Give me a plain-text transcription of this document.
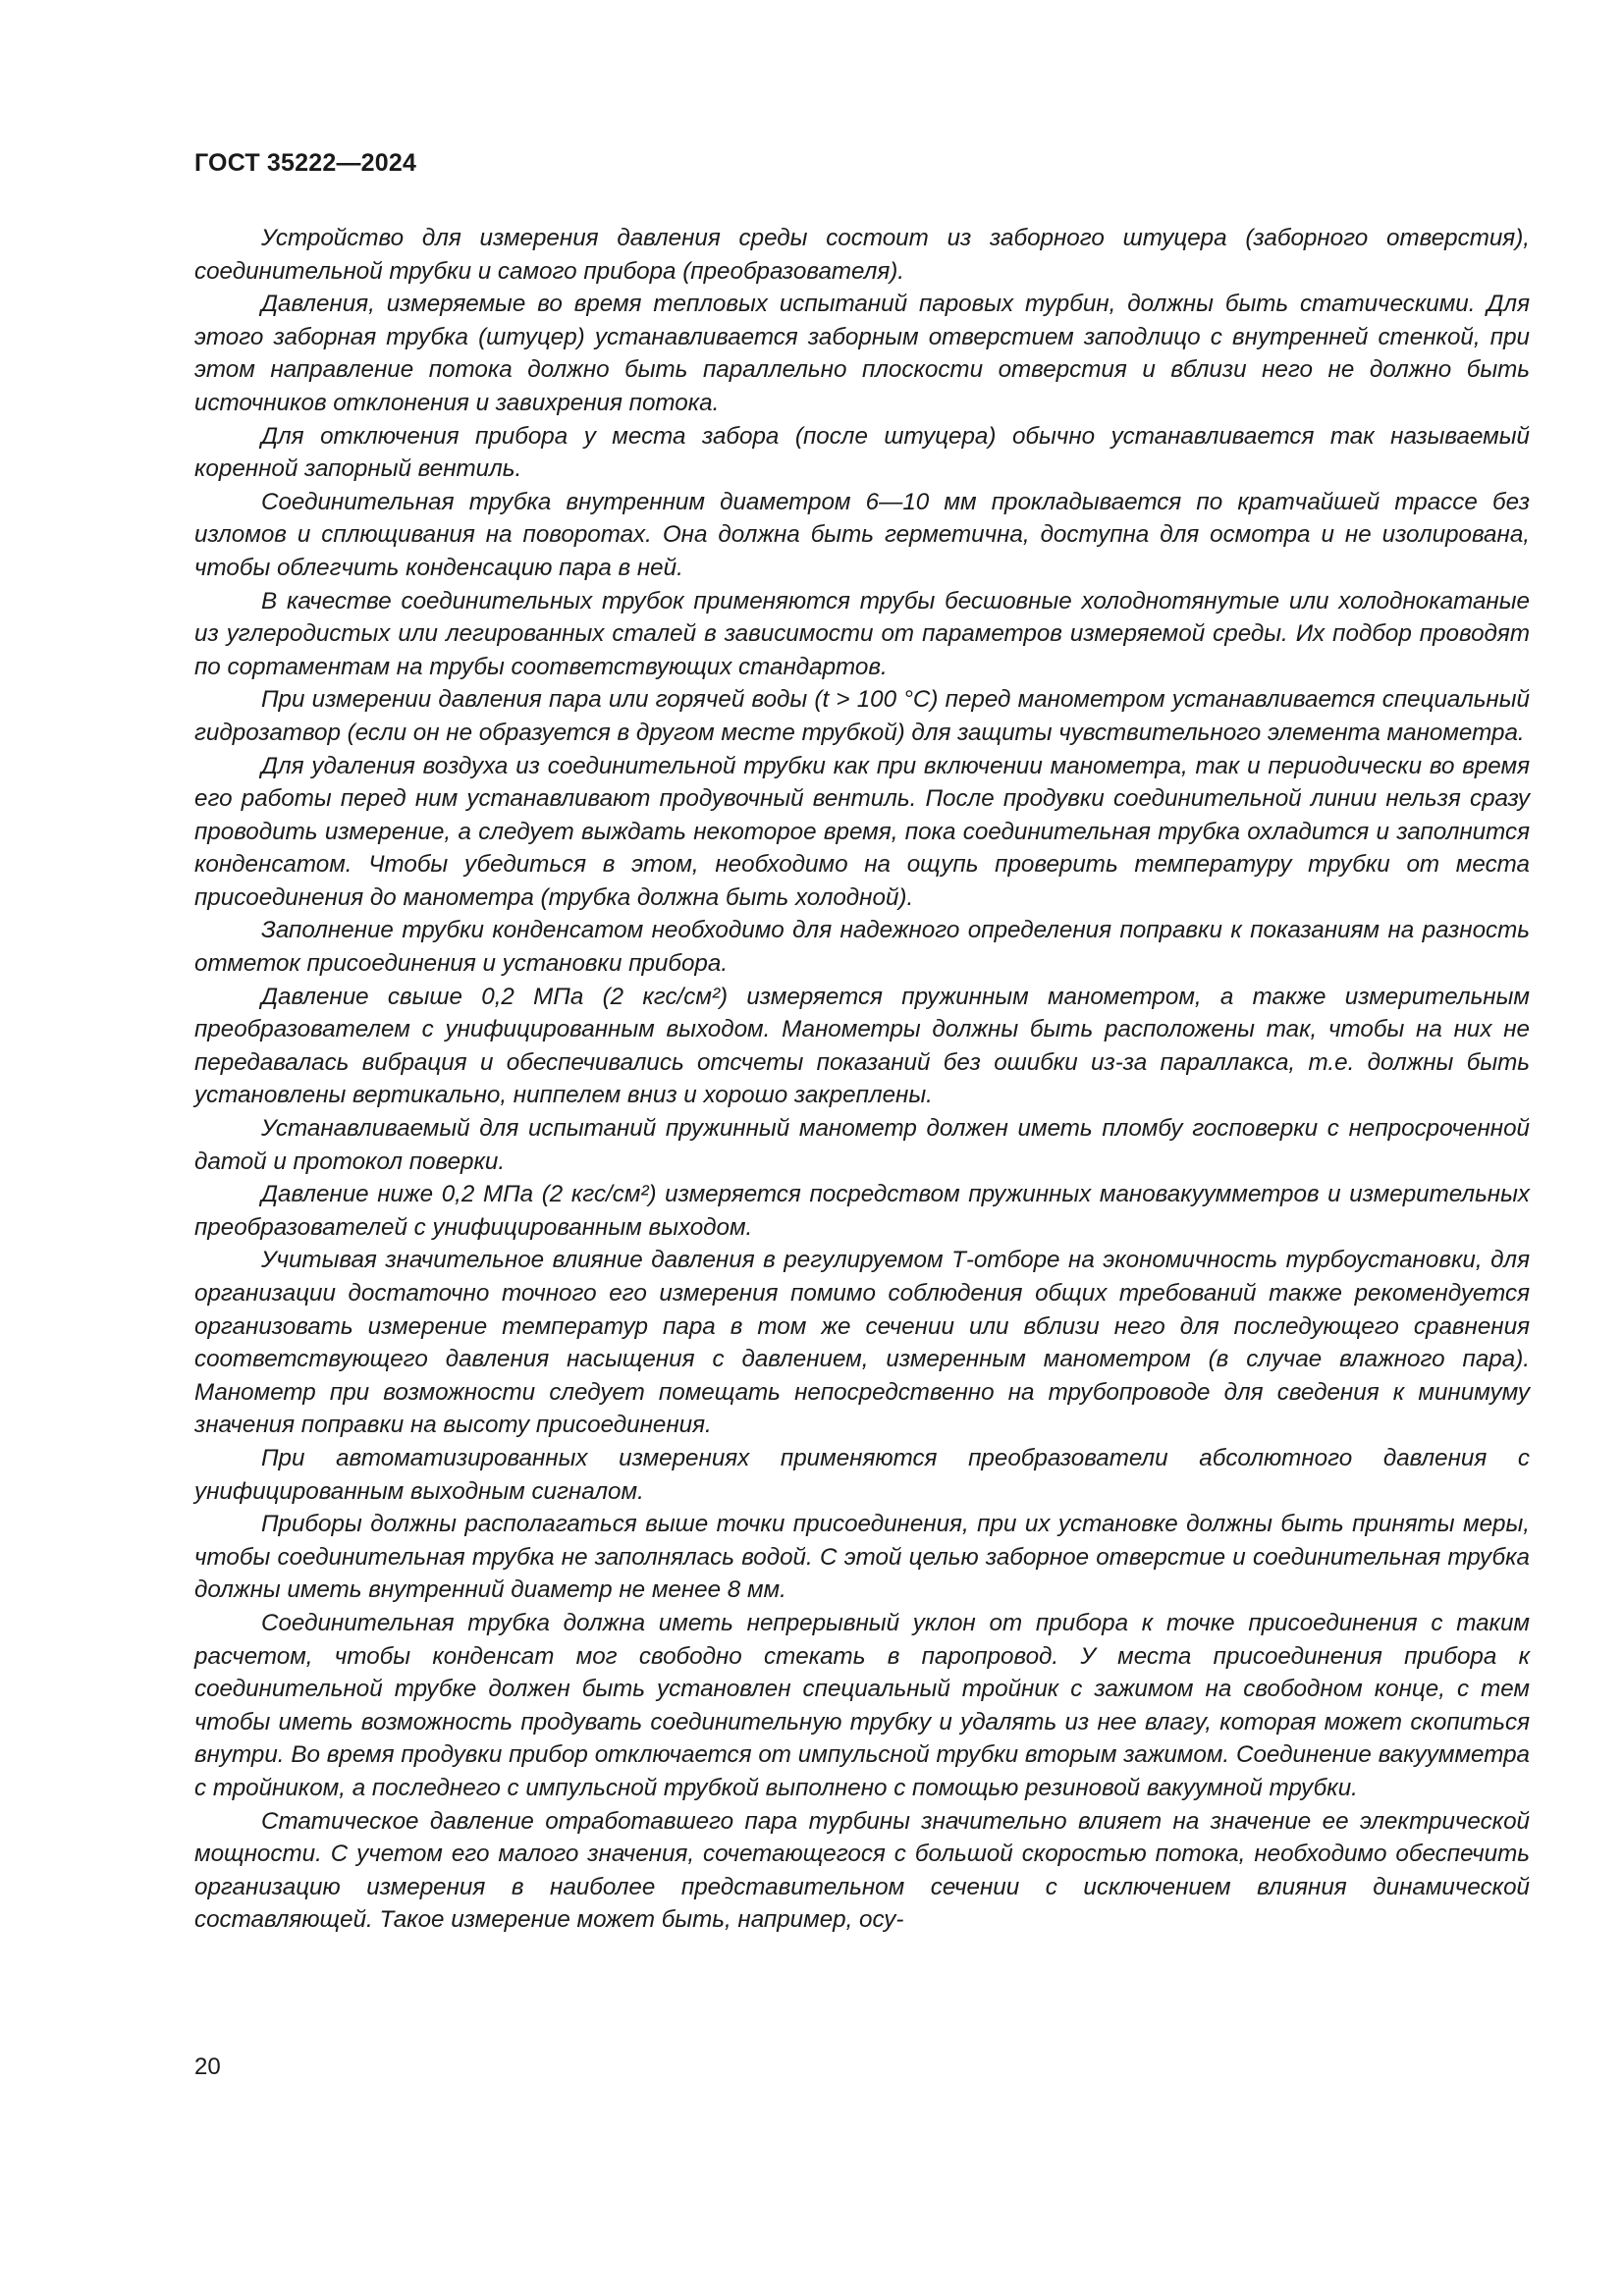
ГОСТ 35222—2024

Устройство для измерения давления среды состоит из заборного штуцера (заборного отверстия), соединительной трубки и самого прибора (преобразователя).

Давления, измеряемые во время тепловых испытаний паровых турбин, должны быть статическими. Для этого заборная трубка (штуцер) устанавливается заборным отверстием заподлицо с внутренней стенкой, при этом направление потока должно быть параллельно плоскости отверстия и вблизи него не должно быть источников отклонения и завихрения потока.

Для отключения прибора у места забора (после штуцера) обычно устанавливается так называемый коренной запорный вентиль.

Соединительная трубка внутренним диаметром 6—10 мм прокладывается по кратчайшей трассе без изломов и сплющивания на поворотах. Она должна быть герметична, доступна для осмотра и не изолирована, чтобы облегчить конденсацию пара в ней.

В качестве соединительных трубок применяются трубы бесшовные холоднотянутые или холоднокатаные из углеродистых или легированных сталей в зависимости от параметров измеряемой среды. Их подбор проводят по сортаментам на трубы соответствующих стандартов.

При измерении давления пара или горячей воды (t > 100 °C) перед манометром устанавливается специальный гидрозатвор (если он не образуется в другом месте трубкой) для защиты чувствительного элемента манометра.

Для удаления воздуха из соединительной трубки как при включении манометра, так и периодически во время его работы перед ним устанавливают продувочный вентиль. После продувки соединительной линии нельзя сразу проводить измерение, а следует выждать некоторое время, пока соединительная трубка охладится и заполнится конденсатом. Чтобы убедиться в этом, необходимо на ощупь проверить температуру трубки от места присоединения до манометра (трубка должна быть холодной).

Заполнение трубки конденсатом необходимо для надежного определения поправки к показаниям на разность отметок присоединения и установки прибора.

Давление свыше 0,2 МПа (2 кгс/см²) измеряется пружинным манометром, а также измерительным преобразователем с унифицированным выходом. Манометры должны быть расположены так, чтобы на них не передавалась вибрация и обеспечивались отсчеты показаний без ошибки из-за параллакса, т.е. должны быть установлены вертикально, ниппелем вниз и хорошо закреплены.

Устанавливаемый для испытаний пружинный манометр должен иметь пломбу госповерки с непросроченной датой и протокол поверки.

Давление ниже 0,2 МПа (2 кгс/см²) измеряется посредством пружинных мановакуумметров и измерительных преобразователей с унифицированным выходом.

Учитывая значительное влияние давления в регулируемом Т-отборе на экономичность турбоустановки, для организации достаточно точного его измерения помимо соблюдения общих требований также рекомендуется организовать измерение температур пара в том же сечении или вблизи него для последующего сравнения соответствующего давления насыщения с давлением, измеренным манометром (в случае влажного пара). Манометр при возможности следует помещать непосредственно на трубопроводе для сведения к минимуму значения поправки на высоту присоединения.

При автоматизированных измерениях применяются преобразователи абсолютного давления с унифицированным выходным сигналом.

Приборы должны располагаться выше точки присоединения, при их установке должны быть приняты меры, чтобы соединительная трубка не заполнялась водой. С этой целью заборное отверстие и соединительная трубка должны иметь внутренний диаметр не менее 8 мм.

Соединительная трубка должна иметь непрерывный уклон от прибора к точке присоединения с таким расчетом, чтобы конденсат мог свободно стекать в паропровод. У места присоединения прибора к соединительной трубке должен быть установлен специальный тройник с зажимом на свободном конце, с тем чтобы иметь возможность продувать соединительную трубку и удалять из нее влагу, которая может скопиться внутри. Во время продувки прибор отключается от импульсной трубки вторым зажимом. Соединение вакуумметра с тройником, а последнего с импульсной трубкой выполнено с помощью резиновой вакуумной трубки.

Статическое давление отработавшего пара турбины значительно влияет на значение ее электрической мощности. С учетом его малого значения, сочетающегося с большой скоростью потока, необходимо обеспечить организацию измерения в наиболее представительном сечении с исключением влияния динамической составляющей. Такое измерение может быть, например, осу-

20
